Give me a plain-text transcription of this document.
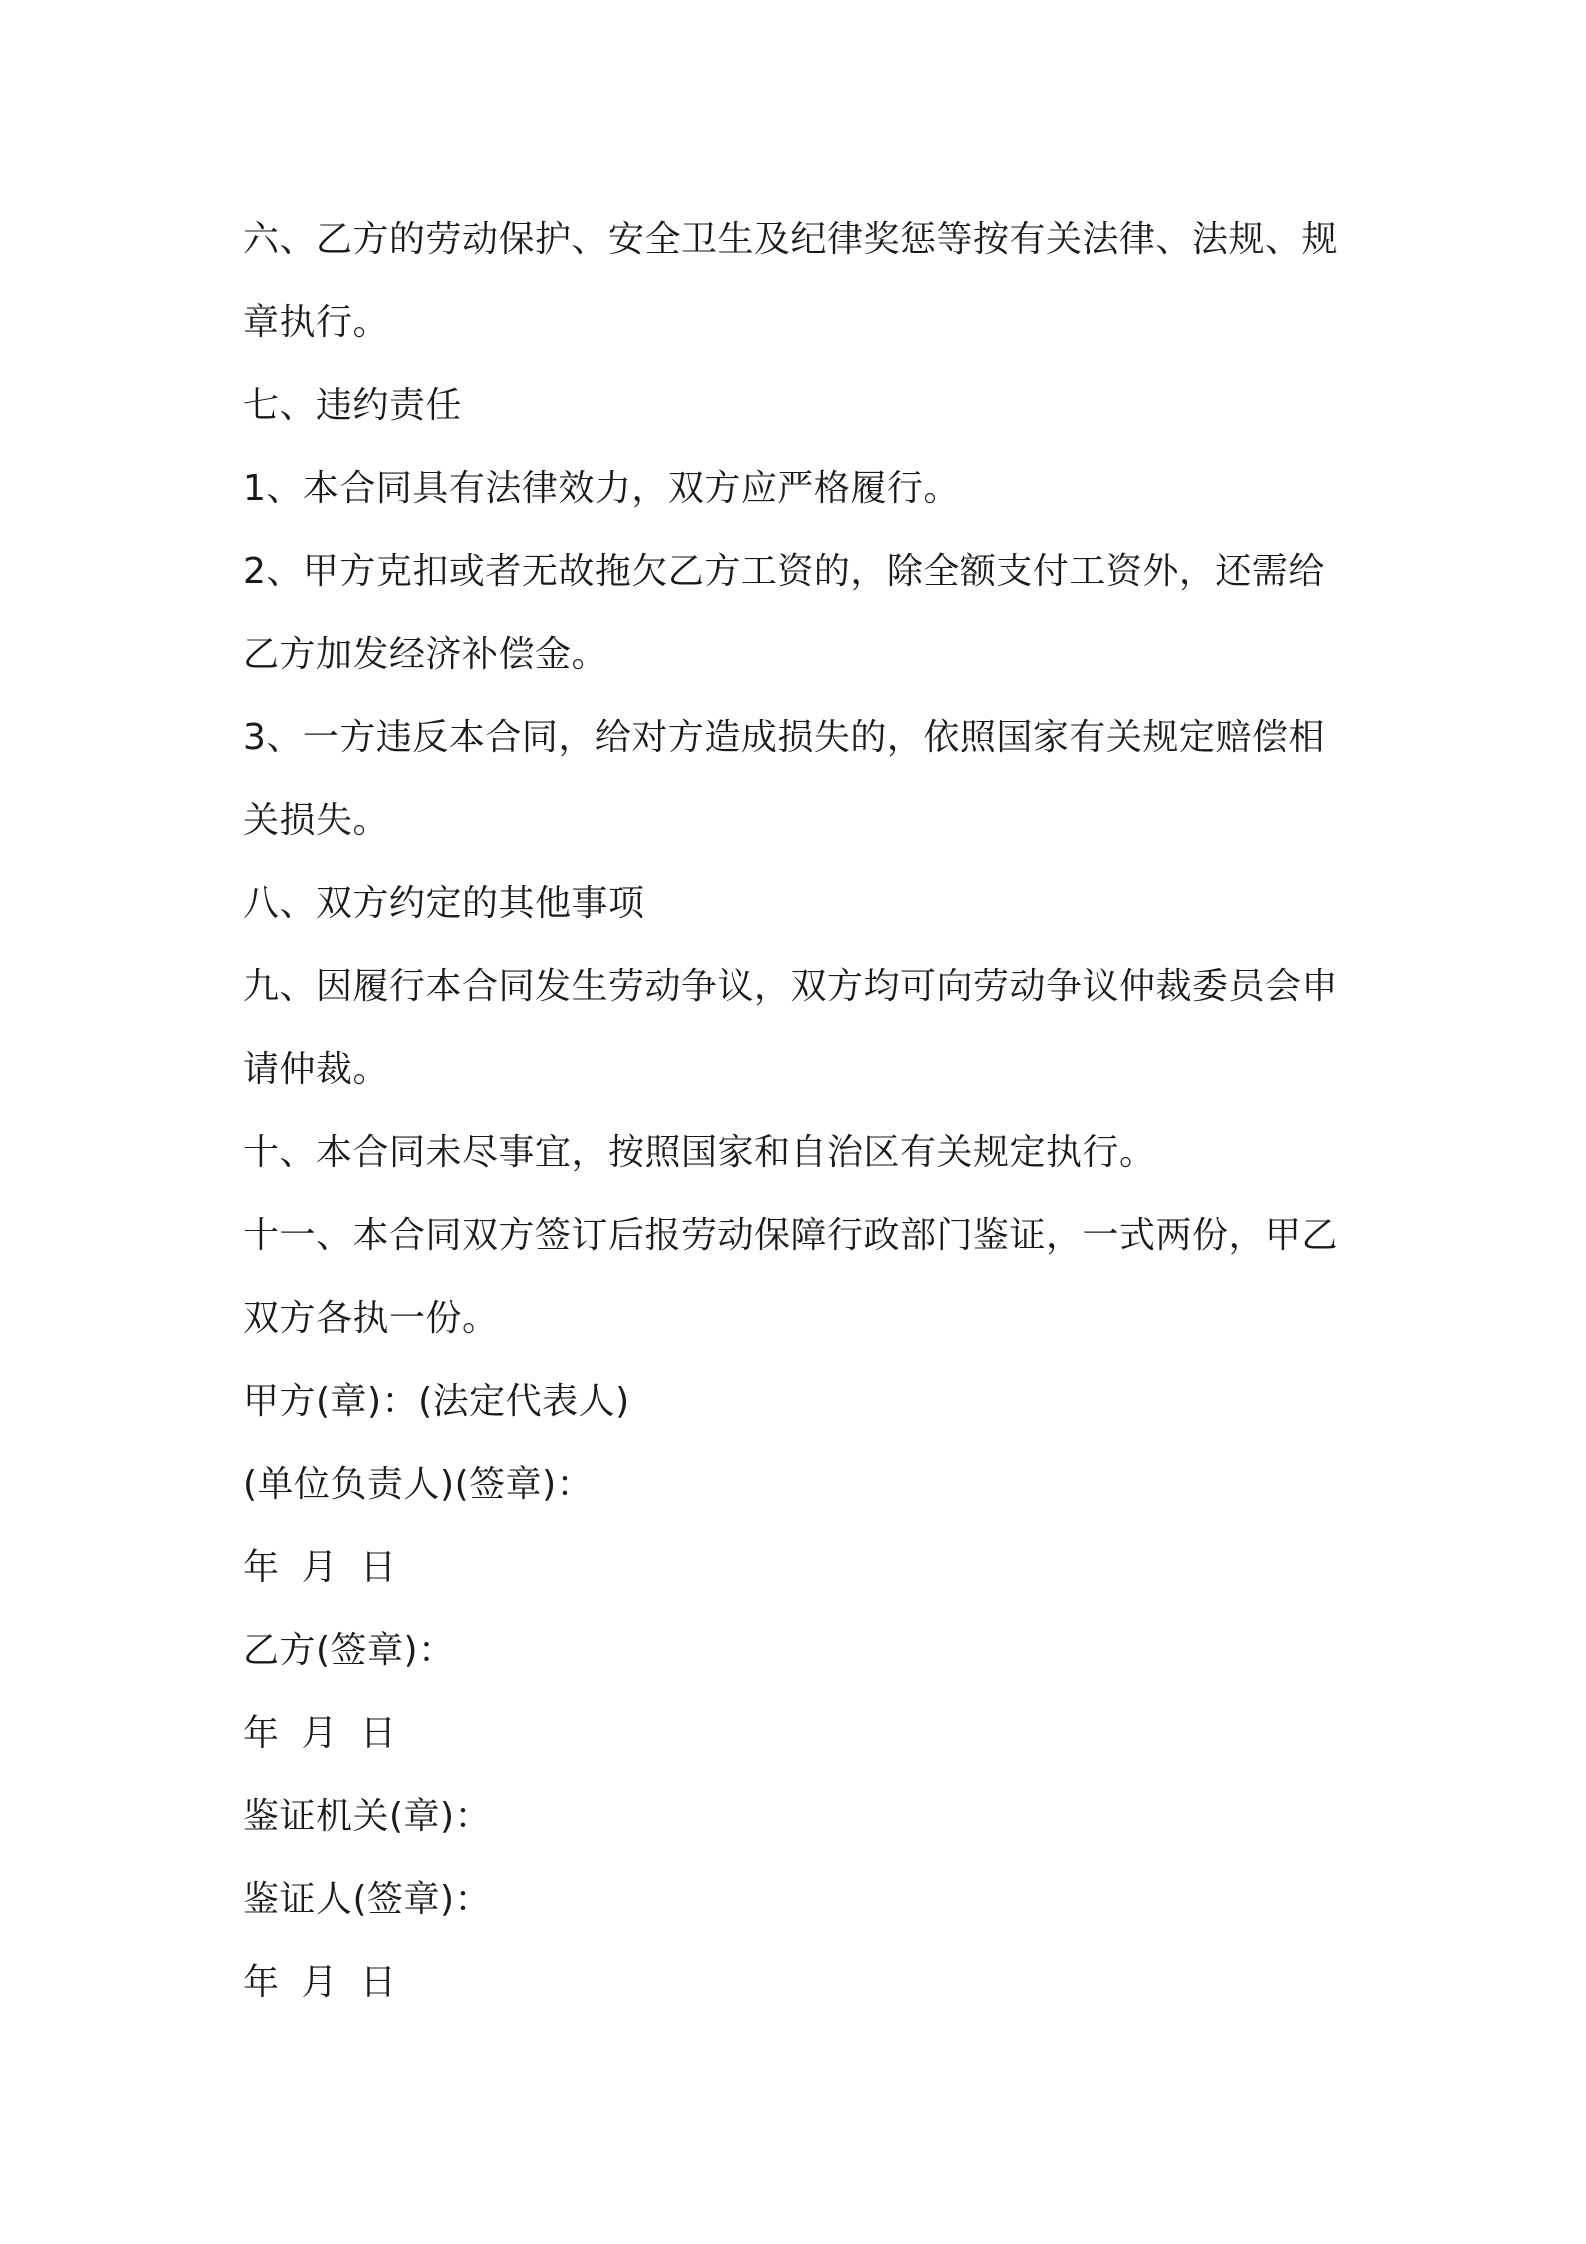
六、乙方的劳动保护、安全卫生及纪律奖惩等按有关法律、法规、规章执行。

七、违约责任

1、本合同具有法律效力，双方应严格履行。

2、甲方克扣或者无故拖欠乙方工资的，除全额支付工资外，还需给乙方加发经济补偿金。

3、一方违反本合同，给对方造成损失的，依照国家有关规定赔偿相关损失。

八、双方约定的其他事项

九、因履行本合同发生劳动争议，双方均可向劳动争议仲裁委员会申请仲裁。

十、本合同未尽事宜，按照国家和自治区有关规定执行。

十一、本合同双方签订后报劳动保障行政部门鉴证，一式两份，甲乙双方各执一份。

甲方(章)：(法定代表人)

(单位负责人)(签章)：

年 月 日

乙方(签章)：

年 月 日

鉴证机关(章)：

鉴证人(签章)：

年 月 日
